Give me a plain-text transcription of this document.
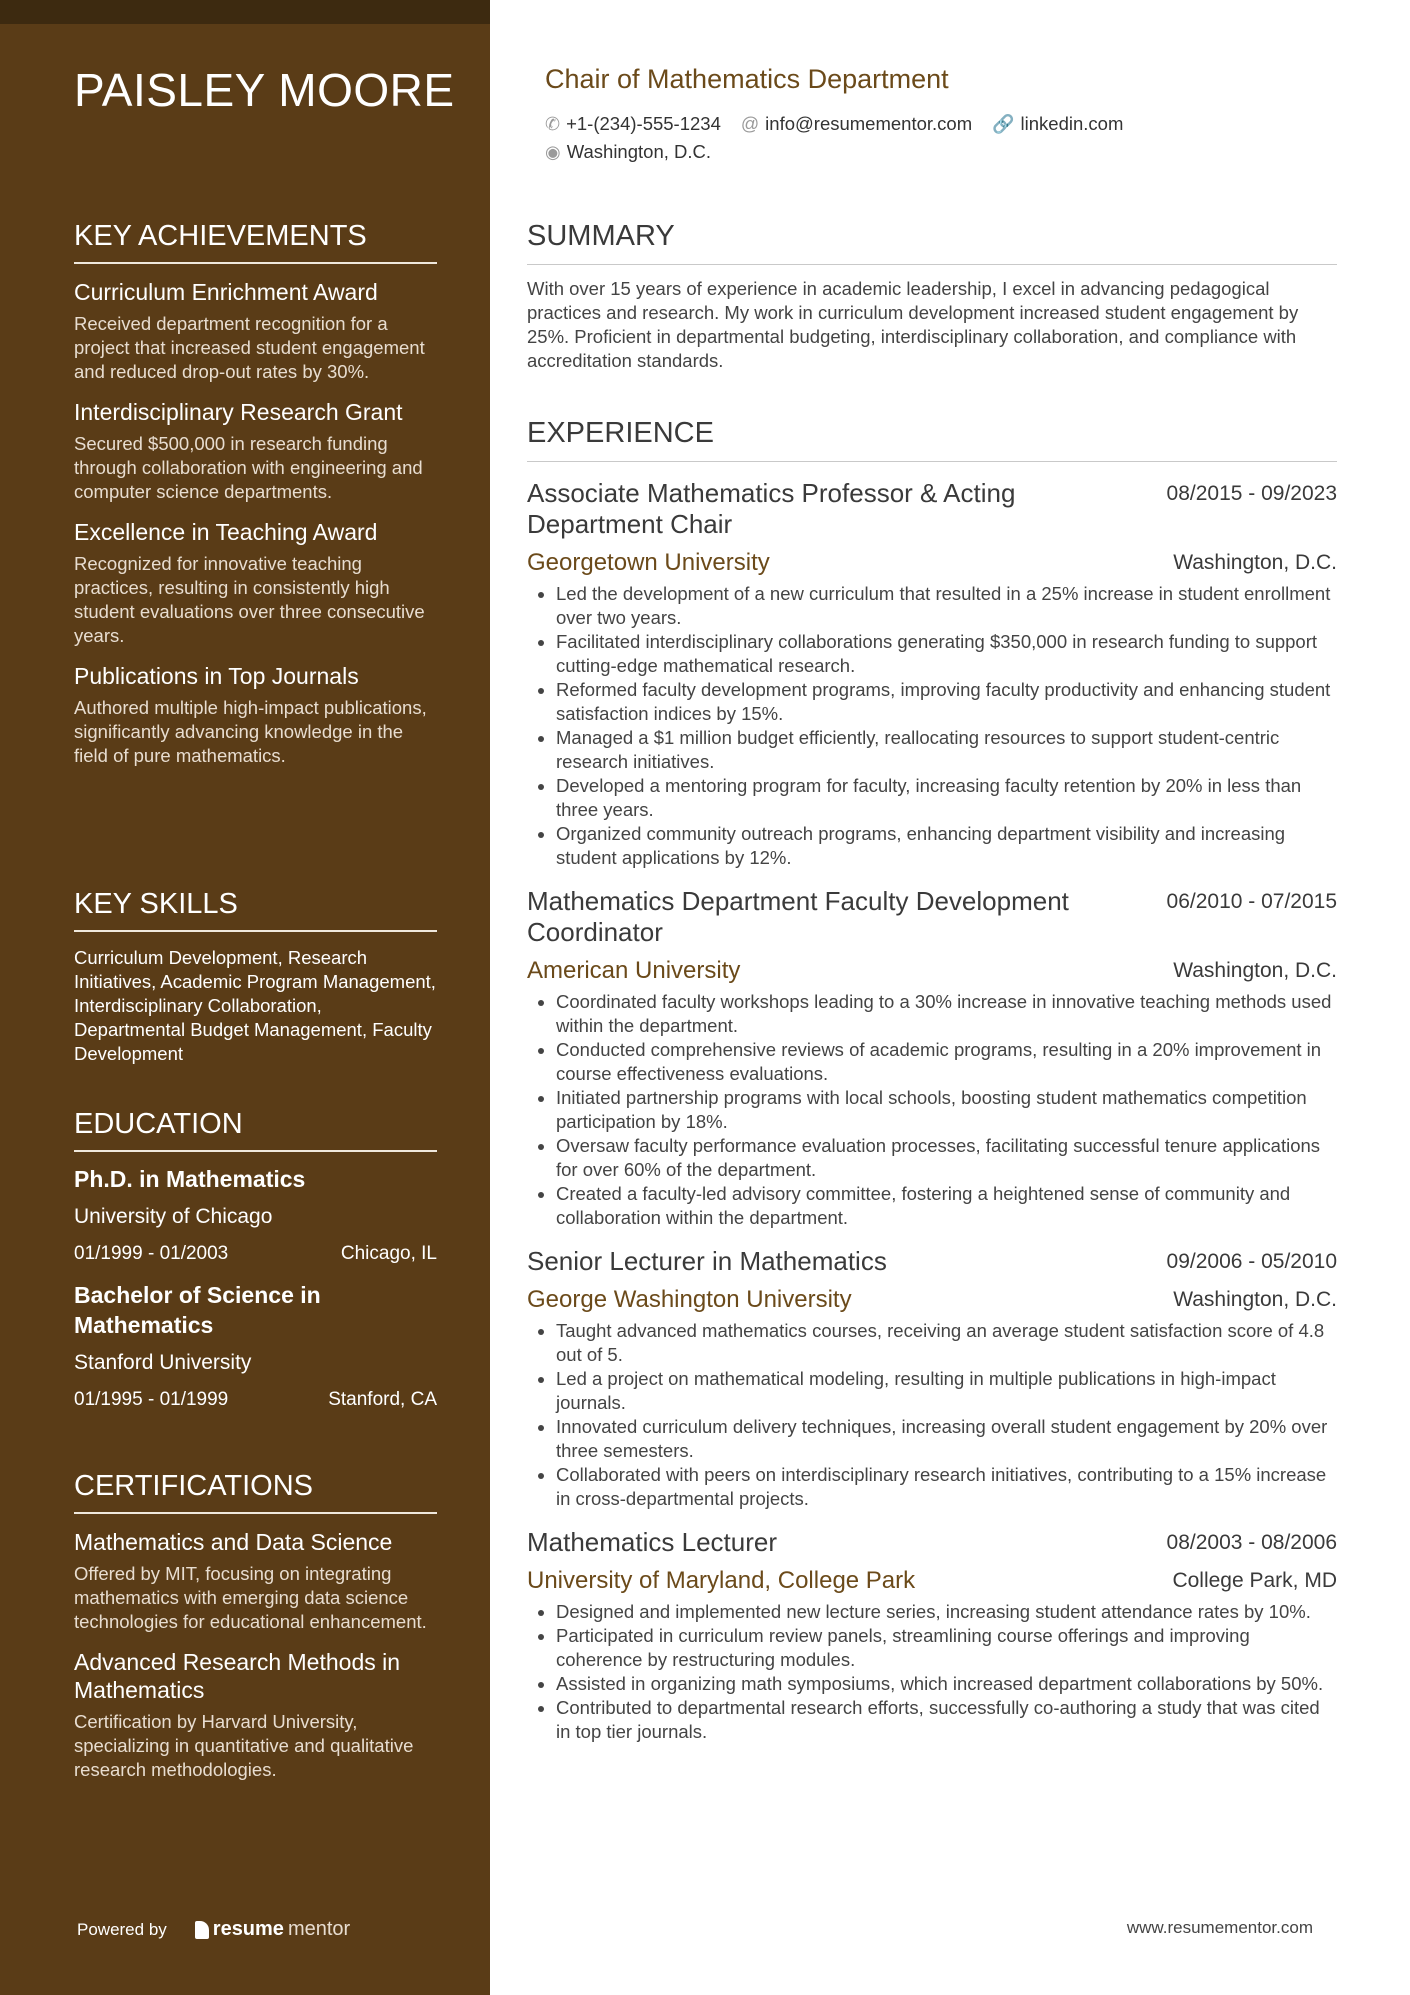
PAISLEY MOORE
KEY ACHIEVEMENTS
Curriculum Enrichment Award
Received department recognition for a project that increased student engagement and reduced drop-out rates by 30%.
Interdisciplinary Research Grant
Secured $500,000 in research funding through collaboration with engineering and computer science departments.
Excellence in Teaching Award
Recognized for innovative teaching practices, resulting in consistently high student evaluations over three consecutive years.
Publications in Top Journals
Authored multiple high-impact publications, significantly advancing knowledge in the field of pure mathematics.
KEY SKILLS
Curriculum Development, Research Initiatives, Academic Program Management, Interdisciplinary Collaboration, Departmental Budget Management, Faculty Development
EDUCATION
Ph.D. in Mathematics
University of Chicago
01/1999 - 01/2003	Chicago, IL
Bachelor of Science in Mathematics
Stanford University
01/1995 - 01/1999	Stanford, CA
CERTIFICATIONS
Mathematics and Data Science
Offered by MIT, focusing on integrating mathematics with emerging data science technologies for educational enhancement.
Advanced Research Methods in Mathematics
Certification by Harvard University, specializing in quantitative and qualitative research methodologies.
Powered by resume mentor
Chair of Mathematics Department
✆ +1-(234)-555-1234 @ info@resumementor.com 🔗 linkedin.com
◉ Washington, D.C.
SUMMARY
With over 15 years of experience in academic leadership, I excel in advancing pedagogical practices and research. My work in curriculum development increased student engagement by 25%. Proficient in departmental budgeting, interdisciplinary collaboration, and compliance with accreditation standards.
EXPERIENCE
Associate Mathematics Professor & Acting Department Chair
08/2015 - 09/2023
Georgetown University	Washington, D.C.
• Led the development of a new curriculum that resulted in a 25% increase in student enrollment over two years.
• Facilitated interdisciplinary collaborations generating $350,000 in research funding to support cutting-edge mathematical research.
• Reformed faculty development programs, improving faculty productivity and enhancing student satisfaction indices by 15%.
• Managed a $1 million budget efficiently, reallocating resources to support student-centric research initiatives.
• Developed a mentoring program for faculty, increasing faculty retention by 20% in less than three years.
• Organized community outreach programs, enhancing department visibility and increasing student applications by 12%.
Mathematics Department Faculty Development Coordinator
06/2010 - 07/2015
American University	Washington, D.C.
• Coordinated faculty workshops leading to a 30% increase in innovative teaching methods used within the department.
• Conducted comprehensive reviews of academic programs, resulting in a 20% improvement in course effectiveness evaluations.
• Initiated partnership programs with local schools, boosting student mathematics competition participation by 18%.
• Oversaw faculty performance evaluation processes, facilitating successful tenure applications for over 60% of the department.
• Created a faculty-led advisory committee, fostering a heightened sense of community and collaboration within the department.
Senior Lecturer in Mathematics	09/2006 - 05/2010
George Washington University	Washington, D.C.
• Taught advanced mathematics courses, receiving an average student satisfaction score of 4.8 out of 5.
• Led a project on mathematical modeling, resulting in multiple publications in high-impact journals.
• Innovated curriculum delivery techniques, increasing overall student engagement by 20% over three semesters.
• Collaborated with peers on interdisciplinary research initiatives, contributing to a 15% increase in cross-departmental projects.
Mathematics Lecturer	08/2003 - 08/2006
University of Maryland, College Park	College Park, MD
• Designed and implemented new lecture series, increasing student attendance rates by 10%.
• Participated in curriculum review panels, streamlining course offerings and improving coherence by restructuring modules.
• Assisted in organizing math symposiums, which increased department collaborations by 50%.
• Contributed to departmental research efforts, successfully co-authoring a study that was cited in top tier journals.
www.resumementor.com
